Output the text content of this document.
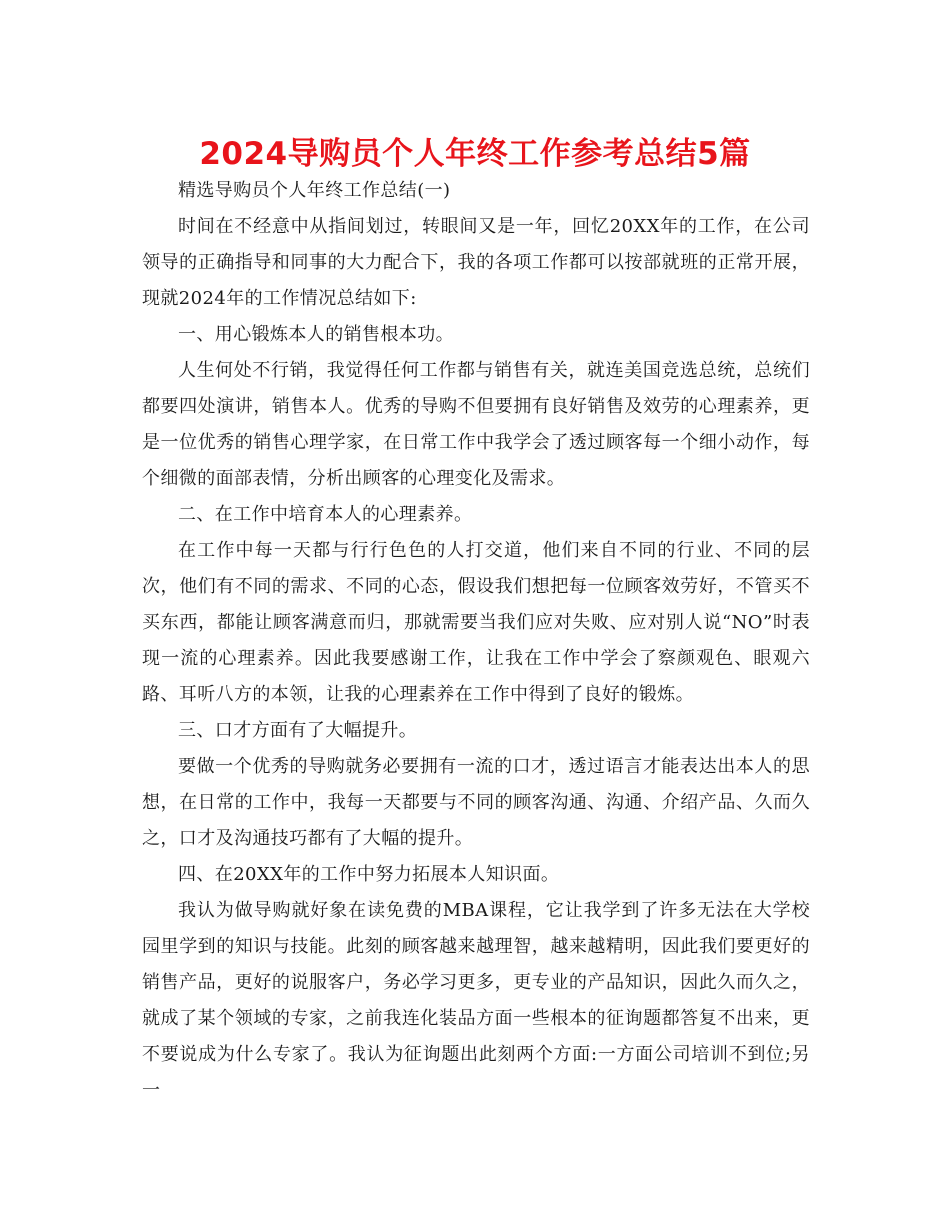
2024导购员个人年终工作参考总结5篇

精选导购员个人年终工作总结(一)

时间在不经意中从指间划过，转眼间又是一年，回忆20XX年的工作，在公司领导的正确指导和同事的大力配合下，我的各项工作都可以按部就班的正常开展，现就2024年的工作情况总结如下:

一、用心锻炼本人的销售根本功。

人生何处不行销，我觉得任何工作都与销售有关，就连美国竞选总统，总统们都要四处演讲，销售本人。优秀的导购不但要拥有良好销售及效劳的心理素养，更是一位优秀的销售心理学家，在日常工作中我学会了透过顾客每一个细小动作，每个细微的面部表情，分析出顾客的心理变化及需求。

二、在工作中培育本人的心理素养。

在工作中每一天都与行行色色的人打交道，他们来自不同的行业、不同的层次，他们有不同的需求、不同的心态，假设我们想把每一位顾客效劳好，不管买不买东西，都能让顾客满意而归，那就需要当我们应对失败、应对别人说“NO”时表现一流的心理素养。因此我要感谢工作，让我在工作中学会了察颜观色、眼观六路、耳听八方的本领，让我的心理素养在工作中得到了良好的锻炼。

三、口才方面有了大幅提升。

要做一个优秀的导购就务必要拥有一流的口才，透过语言才能表达出本人的思想，在日常的工作中，我每一天都要与不同的顾客沟通、沟通、介绍产品、久而久之，口才及沟通技巧都有了大幅的提升。

四、在20XX年的工作中努力拓展本人知识面。

我认为做导购就好象在读免费的MBA课程，它让我学到了许多无法在大学校园里学到的知识与技能。此刻的顾客越来越理智，越来越精明，因此我们要更好的销售产品，更好的说服客户，务必学习更多，更专业的产品知识，因此久而久之，就成了某个领域的专家，之前我连化装品方面一些根本的征询题都答复不出来，更不要说成为什么专家了。我认为征询题出此刻两个方面:一方面公司培训不到位;另一
